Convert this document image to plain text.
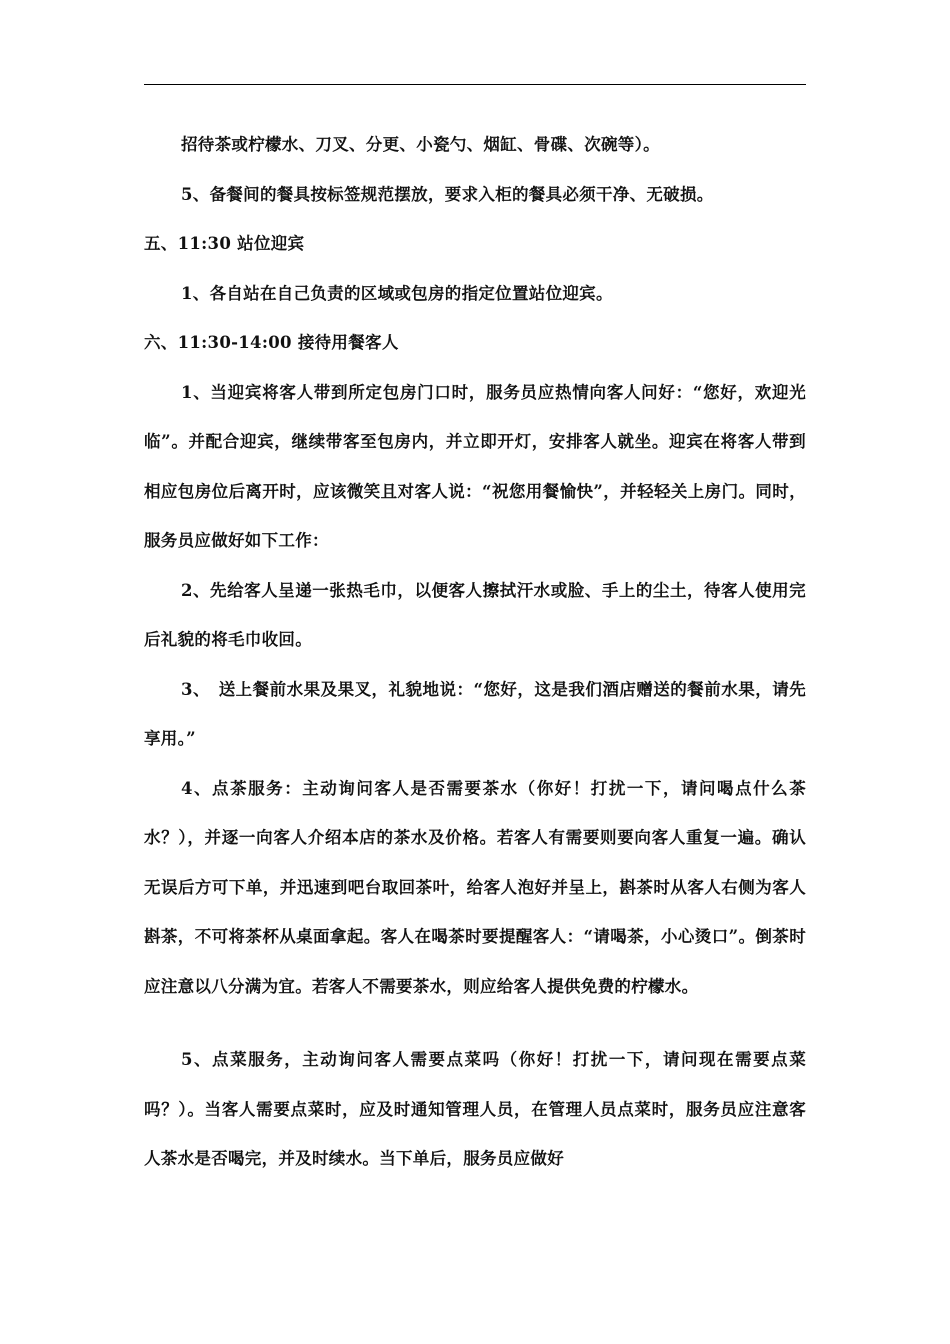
招待茶或柠檬水、刀叉、分更、小瓷勺、烟缸、骨碟、次碗等）。

5、备餐间的餐具按标签规范摆放，要求入柜的餐具必须干净、无破损。

五、11:30 站位迎宾

1、各自站在自己负责的区域或包房的指定位置站位迎宾。

六、11:30-14:00 接待用餐客人

1、当迎宾将客人带到所定包房门口时，服务员应热情向客人问好：“您好，欢迎光临”。并配合迎宾，继续带客至包房内，并立即开灯，安排客人就坐。迎宾在将客人带到相应包房位后离开时，应该微笑且对客人说：“祝您用餐愉快”，并轻轻关上房门。同时，服务员应做好如下工作：

2、先给客人呈递一张热毛巾，以便客人擦拭汗水或脸、手上的尘土，待客人使用完后礼貌的将毛巾收回。

3、　送上餐前水果及果叉，礼貌地说：“您好，这是我们酒店赠送的餐前水果，请先享用。”

4、点茶服务：主动询问客人是否需要茶水（你好！打扰一下，请问喝点什么茶水？），并逐一向客人介绍本店的茶水及价格。若客人有需要则要向客人重复一遍。确认无误后方可下单，并迅速到吧台取回茶叶，给客人泡好并呈上，斟茶时从客人右侧为客人斟茶，不可将茶杯从桌面拿起。客人在喝茶时要提醒客人：“请喝茶，小心烫口”。倒茶时应注意以八分满为宜。若客人不需要茶水，则应给客人提供免费的柠檬水。

5、点菜服务，主动询问客人需要点菜吗（你好！打扰一下，请问现在需要点菜吗？）。当客人需要点菜时，应及时通知管理人员，在管理人员点菜时，服务员应注意客人茶水是否喝完，并及时续水。当下单后，服务员应做好
